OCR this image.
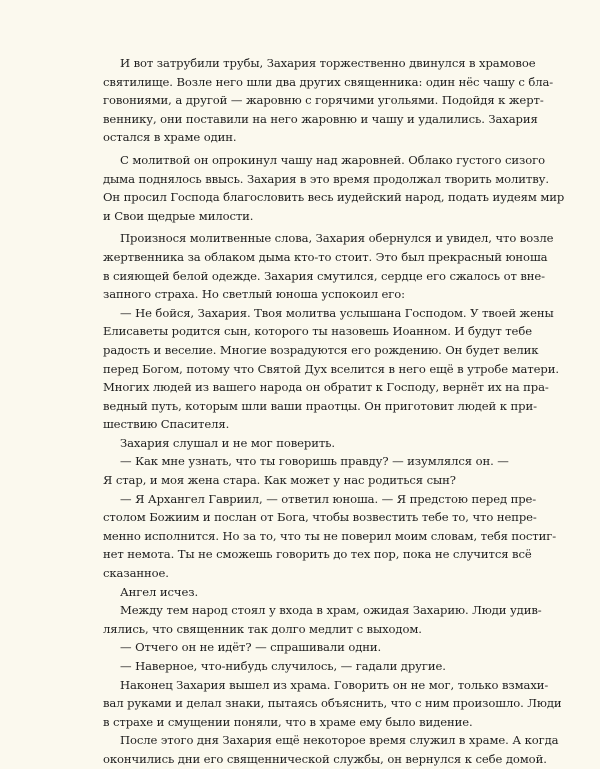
И вот затрубили трубы, Захария торжественно двинулся в храмовое
святилище. Возле него шли два других священника: один нёс чашу с бла-
говониями, а другой — жаровню с горячими угольями. Подойдя к жерт-
веннику, они поставили на него жаровню и чашу и удалились. Захария
остался в храме один.
С молитвой он опрокинул чашу над жаровней. Облако густого сизого
дыма поднялось ввысь. Захария в это время продолжал творить молитву.
Он просил Господа благословить весь иудейский народ, подать иудеям мир
и Свои щедрые милости.
Произнося молитвенные слова, Захария обернулся и увидел, что возле
жертвенника за облаком дыма кто-то стоит. Это был прекрасный юноша
в сияющей белой одежде. Захария смутился, сердце его сжалось от вне-
запного страха. Но светлый юноша успокоил его:
— Не бойся, Захария. Твоя молитва услышана Господом. У твоей жены
Елисаветы родится сын, которого ты назовешь Иоанном. И будут тебе
радость и веселие. Многие возрадуются его рождению. Он будет велик
перед Богом, потому что Святой Дух вселится в него ещё в утробе матери.
Многих людей из вашего народа он обратит к Господу, вернёт их на пра-
ведный путь, которым шли ваши праотцы. Он приготовит людей к при-
шествию Спасителя.
Захария слушал и не мог поверить.
— Как мне узнать, что ты говоришь правду? — изумлялся он. —
Я стар, и моя жена стара. Как может у нас родиться сын?
— Я Архангел Гавриил, — ответил юноша. — Я предстою перед пре-
столом Божиим и послан от Бога, чтобы возвестить тебе то, что непре-
менно исполнится. Но за то, что ты не поверил моим словам, тебя постиг-
нет немота. Ты не сможешь говорить до тех пор, пока не случится всё
сказанное.
Ангел исчез.
Между тем народ стоял у входа в храм, ожидая Захарию. Люди удив-
лялись, что священник так долго медлит с выходом.
— Отчего он не идёт? — спрашивали одни.
— Наверное, что-нибудь случилось, — гадали другие.
Наконец Захария вышел из храма. Говорить он не мог, только взмахи-
вал руками и делал знаки, пытаясь объяснить, что с ним произошло. Люди
в страхе и смущении поняли, что в храме ему было видение.
После этого дня Захария ещё некоторое время служил в храме. А когда
окончились дни его священнической службы, он вернулся к себе домой.
